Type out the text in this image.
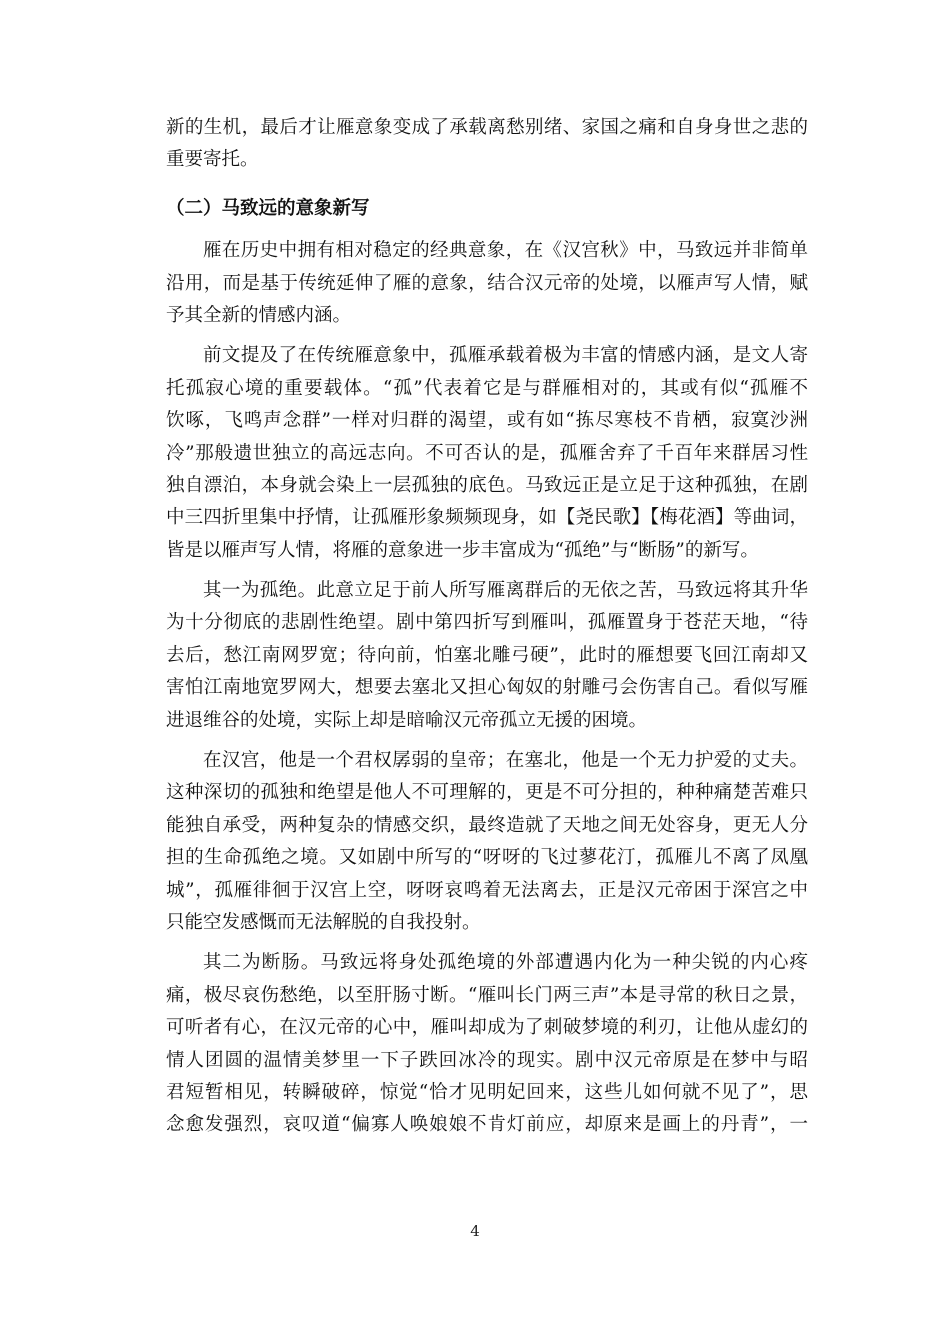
新的生机，最后才让雁意象变成了承载离愁别绪、家国之痛和自身身世之悲的
重要寄托。
（二）马致远的意象新写
雁在历史中拥有相对稳定的经典意象，在《汉宫秋》中，马致远并非简单
沿用，而是基于传统延伸了雁的意象，结合汉元帝的处境，以雁声写人情，赋
予其全新的情感内涵。
前文提及了在传统雁意象中，孤雁承载着极为丰富的情感内涵，是文人寄
托孤寂心境的重要载体。“孤”代表着它是与群雁相对的，其或有似“孤雁不
饮啄，飞鸣声念群”一样对归群的渴望，或有如“拣尽寒枝不肯栖，寂寞沙洲
冷”那般遗世独立的高远志向。不可否认的是，孤雁舍弃了千百年来群居习性
独自漂泊，本身就会染上一层孤独的底色。马致远正是立足于这种孤独，在剧
中三四折里集中抒情，让孤雁形象频频现身，如【尧民歌】【梅花酒】等曲词，
皆是以雁声写人情，将雁的意象进一步丰富成为“孤绝”与“断肠”的新写。
其一为孤绝。此意立足于前人所写雁离群后的无依之苦，马致远将其升华
为十分彻底的悲剧性绝望。剧中第四折写到雁叫，孤雁置身于苍茫天地，“待
去后，愁江南网罗宽；待向前，怕塞北雕弓硬”，此时的雁想要飞回江南却又
害怕江南地宽罗网大，想要去塞北又担心匈奴的射雕弓会伤害自己。看似写雁
进退维谷的处境，实际上却是暗喻汉元帝孤立无援的困境。
在汉宫，他是一个君权孱弱的皇帝；在塞北，他是一个无力护爱的丈夫。
这种深切的孤独和绝望是他人不可理解的，更是不可分担的，种种痛楚苦难只
能独自承受，两种复杂的情感交织，最终造就了天地之间无处容身，更无人分
担的生命孤绝之境。又如剧中所写的“呀呀的飞过蓼花汀，孤雁儿不离了凤凰
城”，孤雁徘徊于汉宫上空，呀呀哀鸣着无法离去，正是汉元帝困于深宫之中
只能空发感慨而无法解脱的自我投射。
其二为断肠。马致远将身处孤绝境的外部遭遇内化为一种尖锐的内心疼
痛，极尽哀伤愁绝，以至肝肠寸断。“雁叫长门两三声”本是寻常的秋日之景，
可听者有心，在汉元帝的心中，雁叫却成为了刺破梦境的利刃，让他从虚幻的
情人团圆的温情美梦里一下子跌回冰冷的现实。剧中汉元帝原是在梦中与昭
君短暂相见，转瞬破碎，惊觉“恰才见明妃回来，这些儿如何就不见了”，思
念愈发强烈，哀叹道“偏寡人唤娘娘不肯灯前应，却原来是画上的丹青”，一
4
